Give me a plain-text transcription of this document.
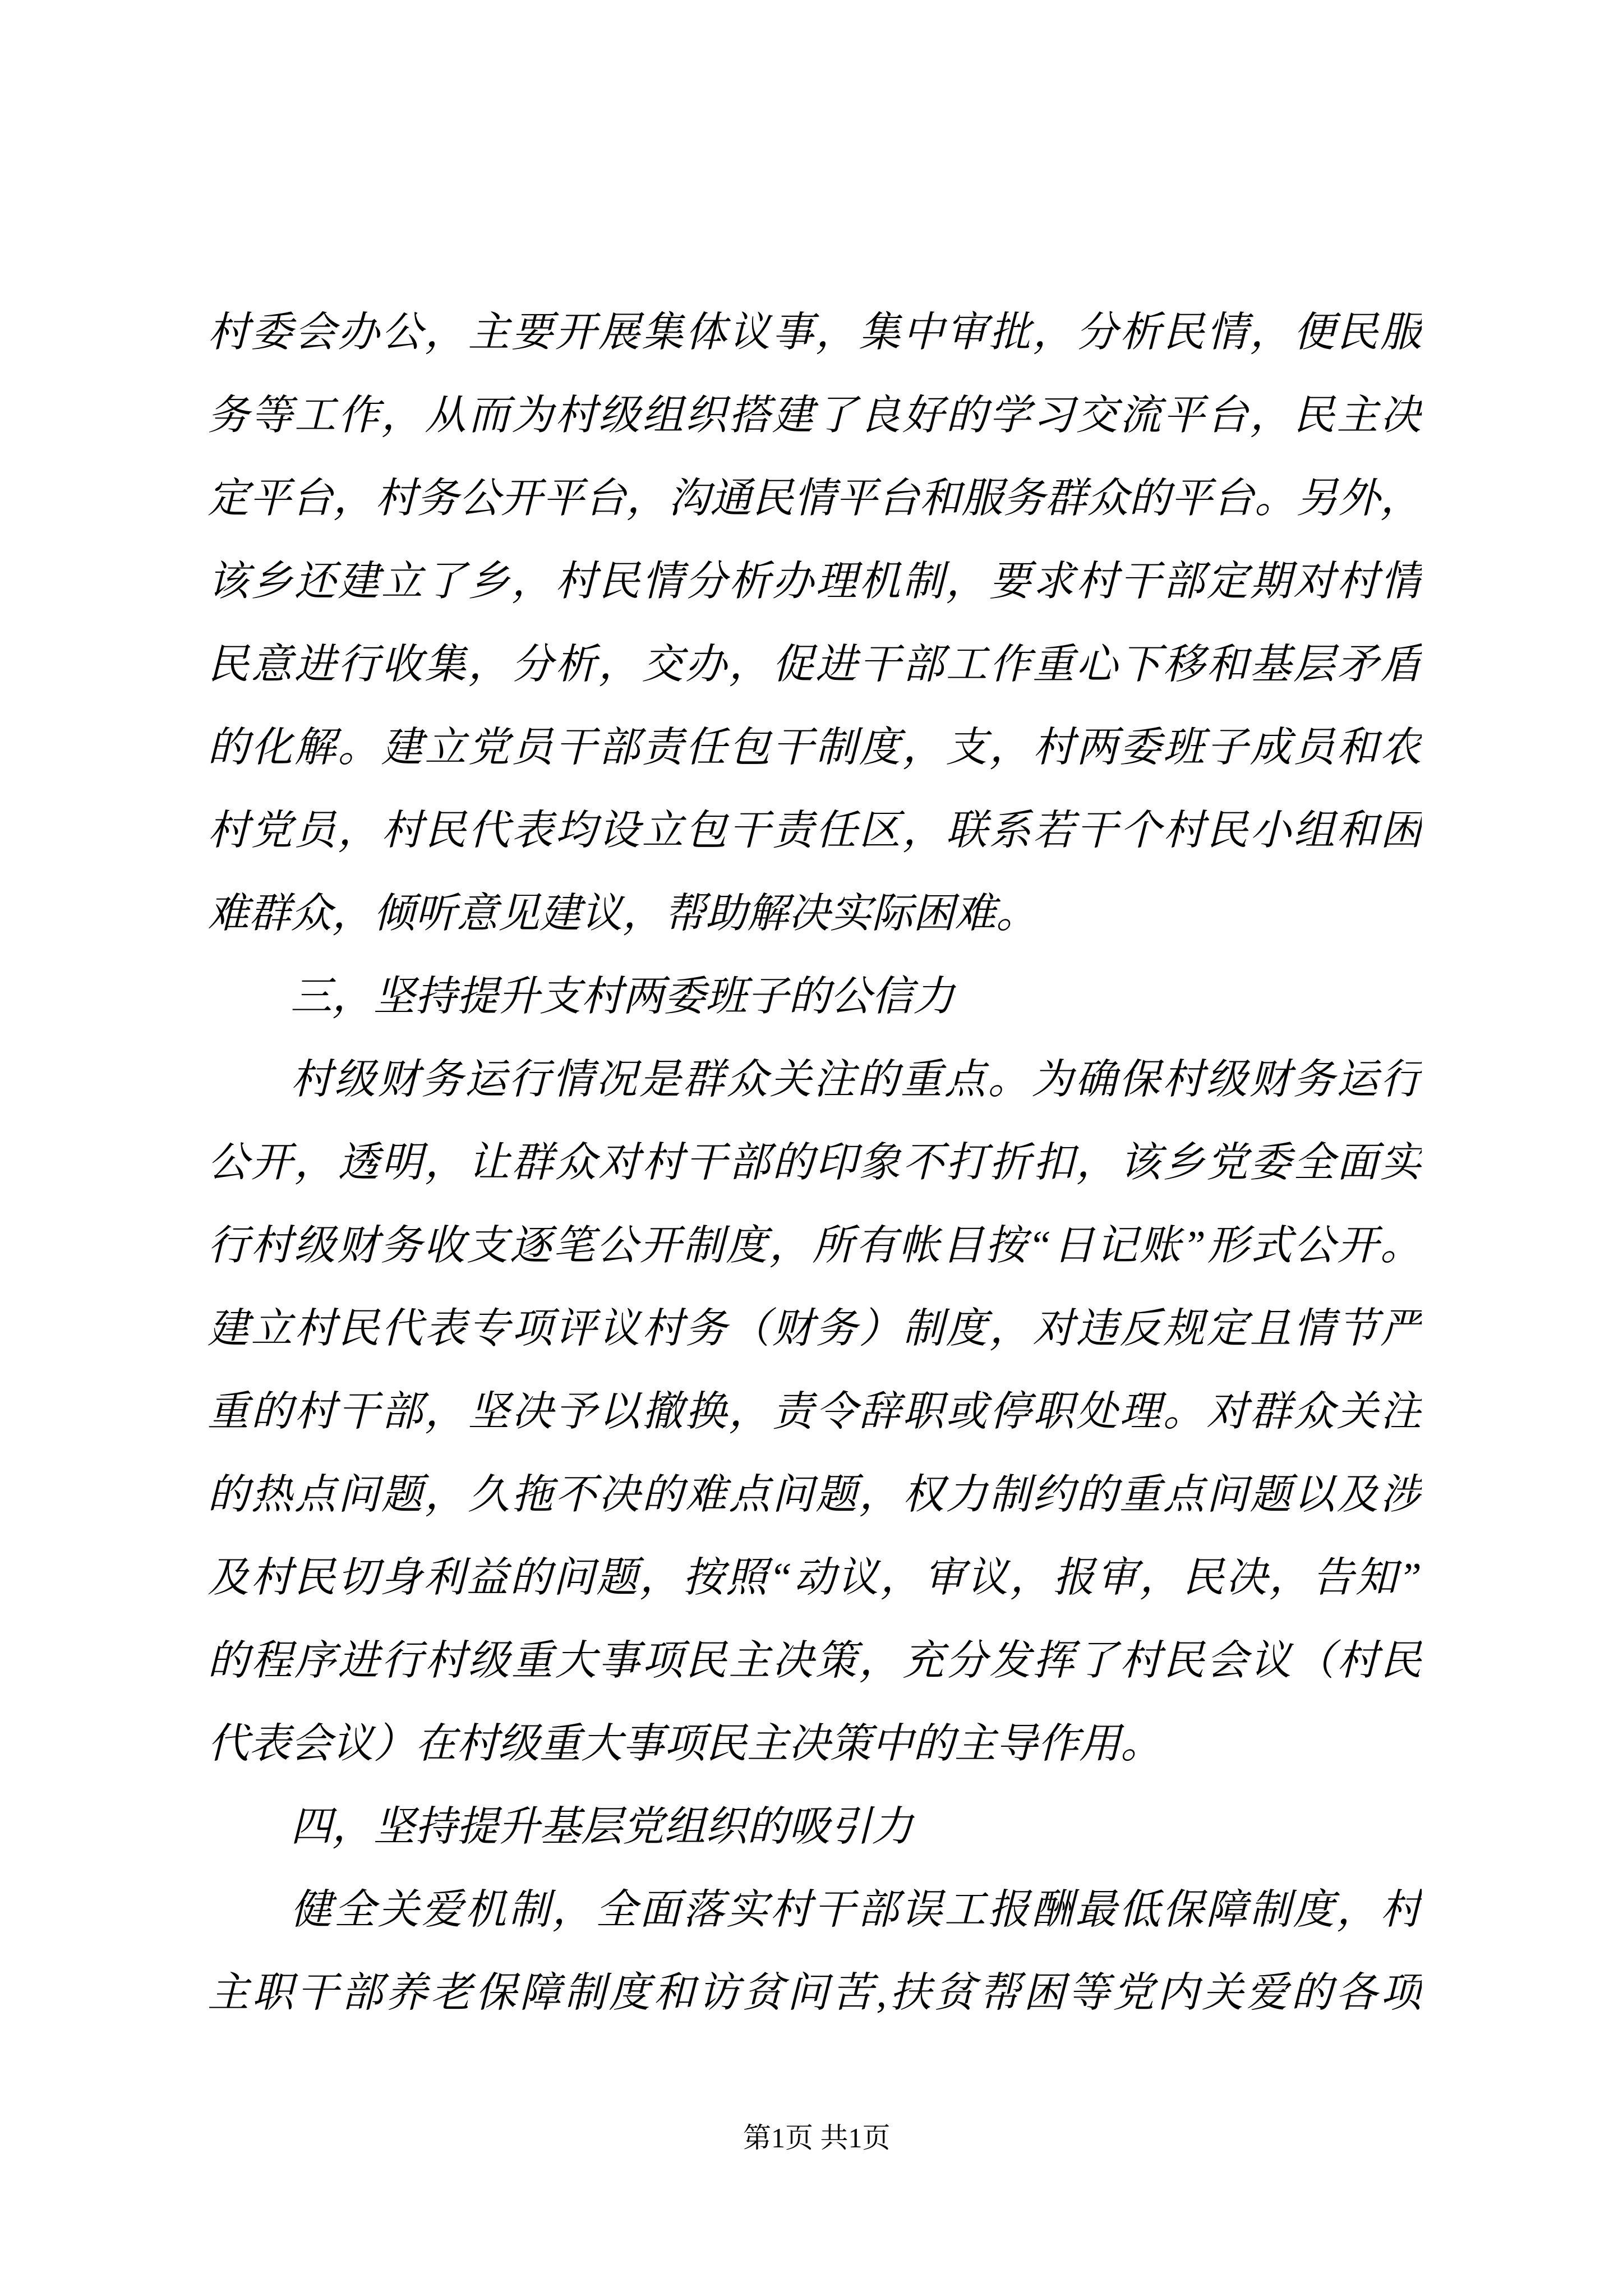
村委会办公，主要开展集体议事，集中审批，分析民情，便民服
务等工作，从而为村级组织搭建了良好的学习交流平台，民主决
定平台，村务公开平台，沟通民情平台和服务群众的平台。另外，
该乡还建立了乡，村民情分析办理机制，要求村干部定期对村情
民意进行收集，分析，交办，促进干部工作重心下移和基层矛盾
的化解。建立党员干部责任包干制度，支，村两委班子成员和农
村党员，村民代表均设立包干责任区，联系若干个村民小组和困
难群众，倾听意见建议，帮助解决实际困难。
三，坚持提升支村两委班子的公信力
村级财务运行情况是群众关注的重点。为确保村级财务运行
公开，透明，让群众对村干部的印象不打折扣，该乡党委全面实
行村级财务收支逐笔公开制度，所有帐目按“日记账”形式公开。
建立村民代表专项评议村务（财务）制度，对违反规定且情节严
重的村干部，坚决予以撤换，责令辞职或停职处理。对群众关注
的热点问题，久拖不决的难点问题，权力制约的重点问题以及涉
及村民切身利益的问题，按照“动议，审议，报审，民决，告知”
的程序进行村级重大事项民主决策，充分发挥了村民会议（村民
代表会议）在村级重大事项民主决策中的主导作用。
四，坚持提升基层党组织的吸引力
健全关爱机制，全面落实村干部误工报酬最低保障制度，村
主职干部养老保障制度和访贫问苦,扶贫帮困等党内关爱的各项
第1页 共1页
